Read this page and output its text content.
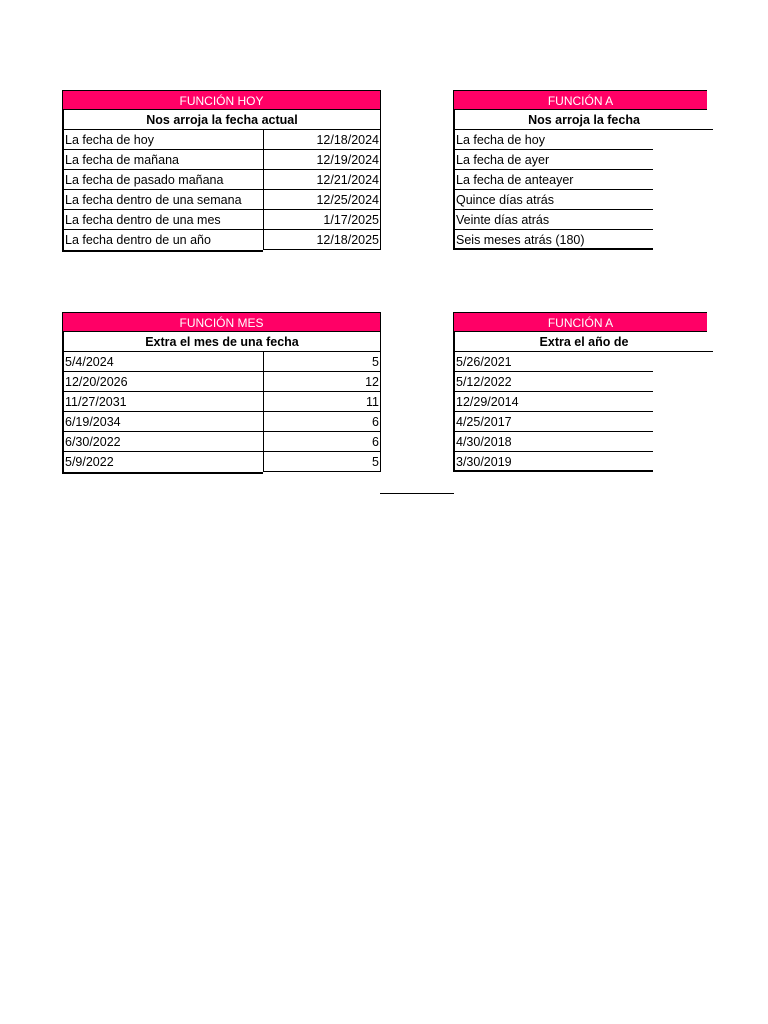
FUNCIÓN HOY
Nos arroja la fecha actual
La fecha de hoy	12/18/2024
La fecha de mañana	12/19/2024
La fecha de pasado mañana	12/21/2024
La fecha dentro de una semana	12/25/2024
La fecha dentro de una mes	1/17/2025
La fecha dentro de un año	12/18/2025
FUNCIÓN A
Nos arroja la fecha
La fecha de hoy
La fecha de ayer
La fecha de anteayer
Quince días atrás
Veinte días atrás
Seis meses atrás (180)
FUNCIÓN MES
Extra el mes de una fecha
5/4/2024	5
12/20/2026	12
11/27/2031	11
6/19/2034	6
6/30/2022	6
5/9/2022	5
FUNCIÓN A
Extra el año de
5/26/2021
5/12/2022
12/29/2014
4/25/2017
4/30/2018
3/30/2019
